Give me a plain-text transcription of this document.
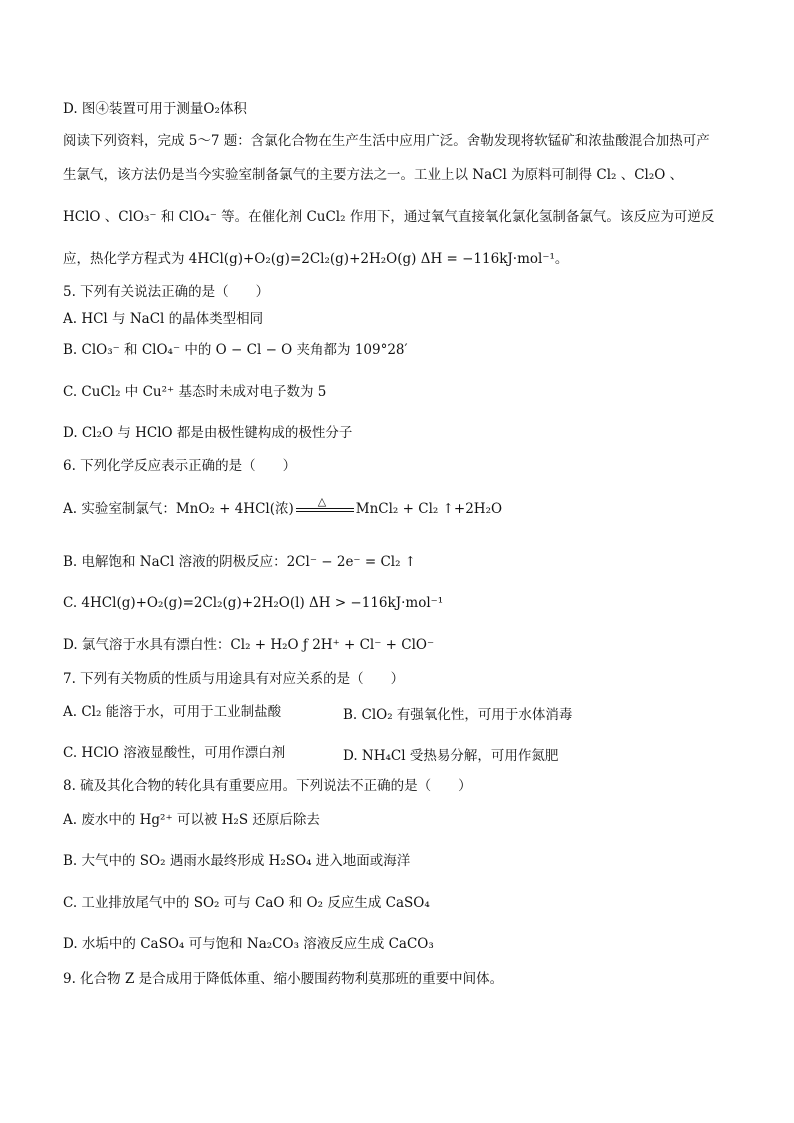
D. 图④装置可用于测量O₂体积
阅读下列资料，完成 5～7 题：含氯化合物在生产生活中应用广泛。舍勒发现将软锰矿和浓盐酸混合加热可产
生氯气，该方法仍是当今实验室制备氯气的主要方法之一。工业上以 NaCl 为原料可制得 Cl₂ 、Cl₂O 、
HClO 、ClO₃⁻ 和 ClO₄⁻ 等。在催化剂 CuCl₂ 作用下，通过氧气直接氧化氯化氢制备氯气。该反应为可逆反
应，热化学方程式为 4HCl(g)+O₂(g)=2Cl₂(g)+2H₂O(g) ΔH = −116kJ·mol⁻¹。
5. 下列有关说法正确的是（　　）
A. HCl 与 NaCl 的晶体类型相同
B. ClO₃⁻ 和 ClO₄⁻ 中的 O − Cl − O 夹角都为 109°28′
C. CuCl₂ 中 Cu²⁺ 基态时未成对电子数为 5
D. Cl₂O 与 HClO 都是由极性键构成的极性分子
6. 下列化学反应表示正确的是（　　）
A. 实验室制氯气：MnO₂ + 4HCl(浓) △ MnCl₂ + Cl₂ ↑+2H₂O
B. 电解饱和 NaCl 溶液的阴极反应：2Cl⁻ − 2e⁻ = Cl₂ ↑
C. 4HCl(g)+O₂(g)=2Cl₂(g)+2H₂O(l) ΔH > −116kJ·mol⁻¹
D. 氯气溶于水具有漂白性：Cl₂ + H₂O ƒ 2H⁺ + Cl⁻ + ClO⁻
7. 下列有关物质的性质与用途具有对应关系的是（　　）
A. Cl₂ 能溶于水，可用于工业制盐酸	B. ClO₂ 有强氧化性，可用于水体消毒
C. HClO 溶液显酸性，可用作漂白剂	D. NH₄Cl 受热易分解，可用作氮肥
8. 硫及其化合物的转化具有重要应用。下列说法不正确的是（　　）
A. 废水中的 Hg²⁺ 可以被 H₂S 还原后除去
B. 大气中的 SO₂ 遇雨水最终形成 H₂SO₄ 进入地面或海洋
C. 工业排放尾气中的 SO₂ 可与 CaO 和 O₂ 反应生成 CaSO₄
D. 水垢中的 CaSO₄ 可与饱和 Na₂CO₃ 溶液反应生成 CaCO₃
9. 化合物 Z 是合成用于降低体重、缩小腰围药物利莫那班的重要中间体。
